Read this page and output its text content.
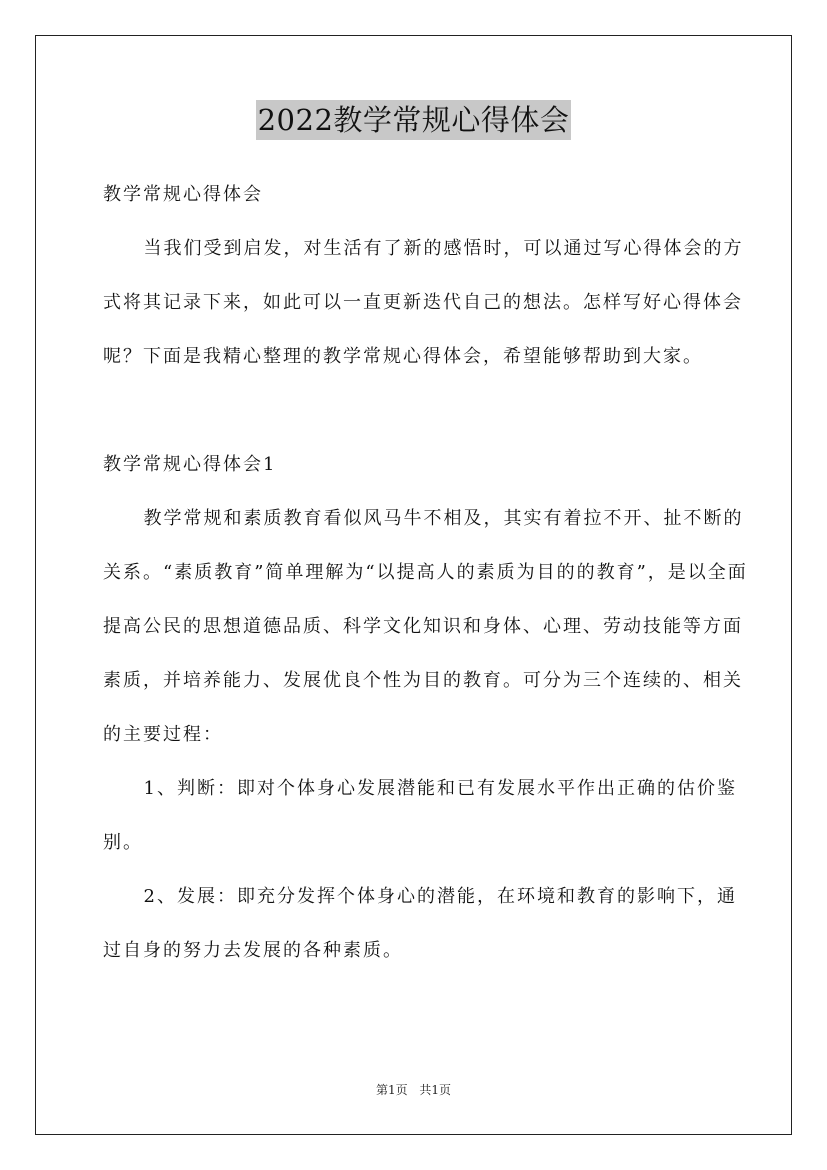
2022教学常规心得体会
教学常规心得体会

当我们受到启发，对生活有了新的感悟时，可以通过写心得体会的方式将其记录下来，如此可以一直更新迭代自己的想法。怎样写好心得体会呢？下面是我精心整理的教学常规心得体会，希望能够帮助到大家。

教学常规心得体会1

教学常规和素质教育看似风马牛不相及，其实有着拉不开、扯不断的关系。“素质教育”简单理解为“以提高人的素质为目的的教育”，是以全面提高公民的思想道德品质、科学文化知识和身体、心理、劳动技能等方面素质，并培养能力、发展优良个性为目的教育。可分为三个连续的、相关的主要过程：

1、判断：即对个体身心发展潜能和已有发展水平作出正确的估价鉴别。

2、发展：即充分发挥个体身心的潜能，在环境和教育的影响下，通过自身的努力去发展的各种素质。

第1页 共1页
